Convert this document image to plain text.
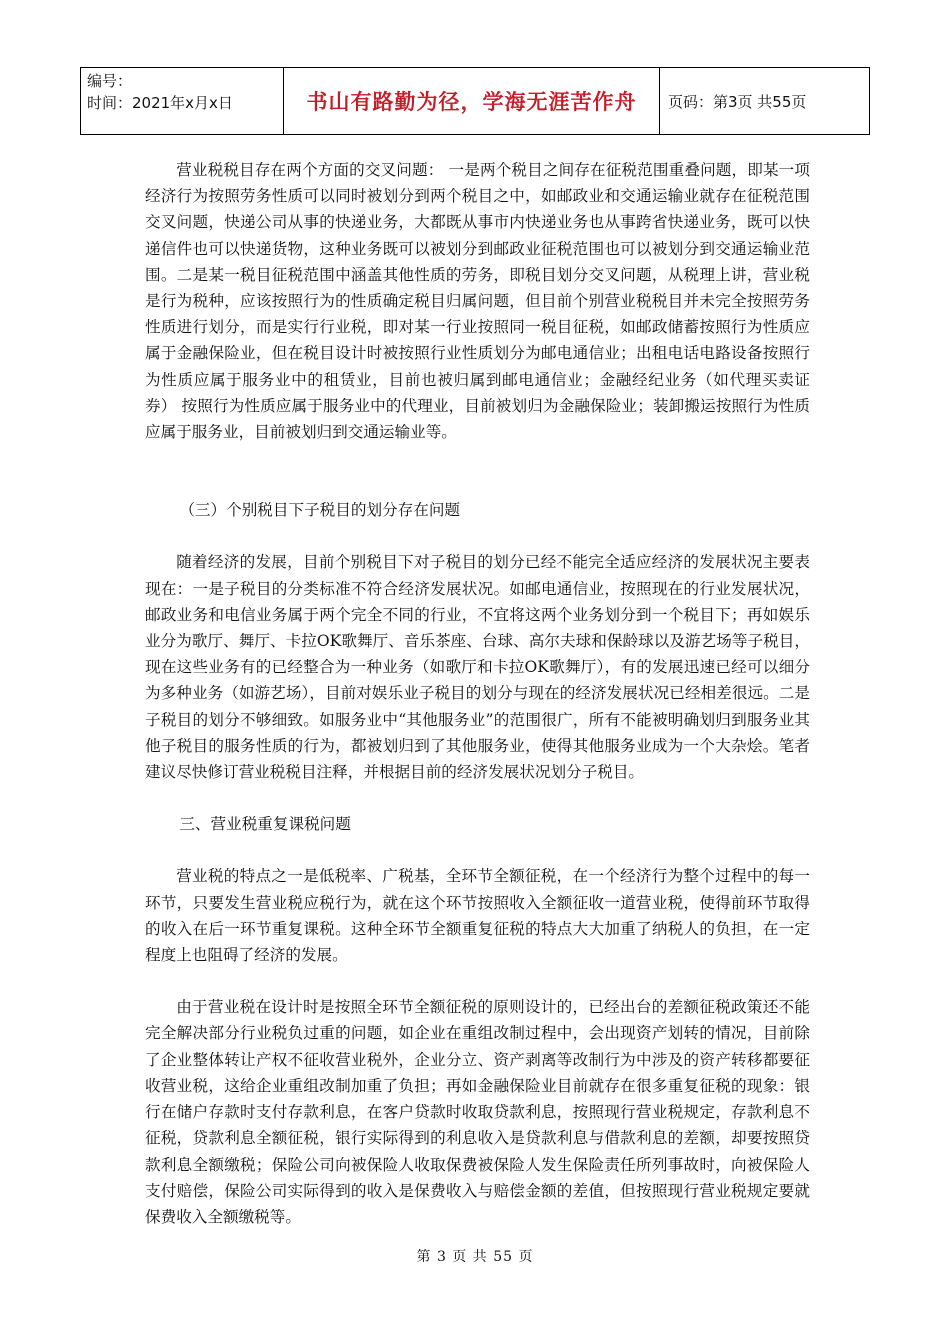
编号：
时间：2021年x月x日	书山有路勤为径，学海无涯苦作舟	页码：第3页 共55页

营业税税目存在两个方面的交叉问题： 一是两个税目之间存在征税范围重叠问题，即某一项经济行为按照劳务性质可以同时被划分到两个税目之中，如邮政业和交通运输业就存在征税范围交叉问题，快递公司从事的快递业务，大都既从事市内快递业务也从事跨省快递业务，既可以快递信件也可以快递货物，这种业务既可以被划分到邮政业征税范围也可以被划分到交通运输业范围。二是某一税目征税范围中涵盖其他性质的劳务，即税目划分交叉问题，从税理上讲，营业税是行为税种，应该按照行为的性质确定税目归属问题，但目前个别营业税税目并未完全按照劳务性质进行划分，而是实行行业税，即对某一行业按照同一税目征税，如邮政储蓄按照行为性质应属于金融保险业，但在税目设计时被按照行业性质划分为邮电通信业；出租电话电路设备按照行为性质应属于服务业中的租赁业，目前也被归属到邮电通信业；金融经纪业务（如代理买卖证券） 按照行为性质应属于服务业中的代理业，目前被划归为金融保险业；装卸搬运按照行为性质应属于服务业，目前被划归到交通运输业等。

（三）个别税目下子税目的划分存在问题

随着经济的发展，目前个别税目下对子税目的划分已经不能完全适应经济的发展状况主要表现在：一是子税目的分类标准不符合经济发展状况。如邮电通信业，按照现在的行业发展状况，邮政业务和电信业务属于两个完全不同的行业，不宜将这两个业务划分到一个税目下；再如娱乐业分为歌厅、舞厅、卡拉OK歌舞厅、音乐茶座、台球、高尔夫球和保龄球以及游艺场等子税目，现在这些业务有的已经整合为一种业务（如歌厅和卡拉OK歌舞厅），有的发展迅速已经可以细分为多种业务（如游艺场），目前对娱乐业子税目的划分与现在的经济发展状况已经相差很远。二是子税目的划分不够细致。如服务业中“其他服务业”的范围很广，所有不能被明确划归到服务业其他子税目的服务性质的行为，都被划归到了其他服务业，使得其他服务业成为一个大杂烩。笔者建议尽快修订营业税税目注释，并根据目前的经济发展状况划分子税目。

三、营业税重复课税问题

营业税的特点之一是低税率、广税基，全环节全额征税，在一个经济行为整个过程中的每一环节，只要发生营业税应税行为，就在这个环节按照收入全额征收一道营业税，使得前环节取得的收入在后一环节重复课税。这种全环节全额重复征税的特点大大加重了纳税人的负担，在一定程度上也阻碍了经济的发展。

由于营业税在设计时是按照全环节全额征税的原则设计的，已经出台的差额征税政策还不能完全解决部分行业税负过重的问题，如企业在重组改制过程中，会出现资产划转的情况，目前除了企业整体转让产权不征收营业税外，企业分立、资产剥离等改制行为中涉及的资产转移都要征收营业税，这给企业重组改制加重了负担；再如金融保险业目前就存在很多重复征税的现象：银行在储户存款时支付存款利息，在客户贷款时收取贷款利息，按照现行营业税规定，存款利息不征税，贷款利息全额征税，银行实际得到的利息收入是贷款利息与借款利息的差额，却要按照贷款利息全额缴税；保险公司向被保险人收取保费被保险人发生保险责任所列事故时，向被保险人支付赔偿，保险公司实际得到的收入是保费收入与赔偿金额的差值，但按照现行营业税规定要就保费收入全额缴税等。

第 3 页 共 55 页
